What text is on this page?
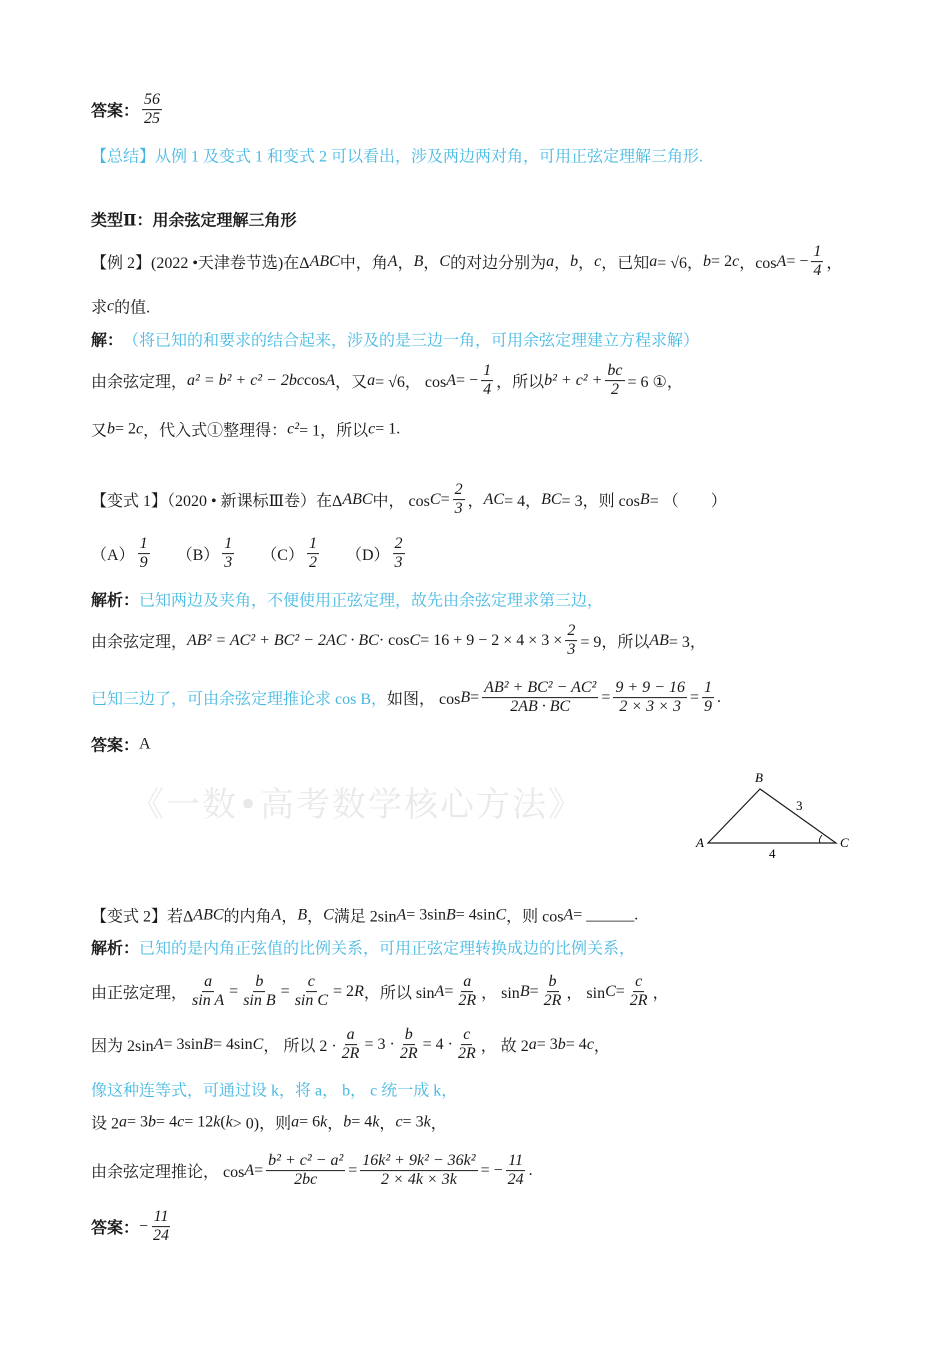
《一数•高考数学核心方法》
答案： $\frac{56}{25}$
【总结】从例 1 及变式 1 和变式 2 可以看出，涉及两边两对角，可用正弦定理解三角形.
类型Ⅱ：用余弦定理解三角形
【例 2】(2022 •天津卷节选)在Δ ABC 中，角 A ， B ， C 的对边分别为 a ， b ， c ，已知 a = √6， b = 2 c ，cos A = − $\frac{1}{4}$ ，
求 c 的值.
解： （将已知的和要求的结合起来，涉及的是三边一角，可用余弦定理建立方程求解）
由余弦定理， a² = b² + c² − 2bc cos A ，又 a = √6， cos A = − $\frac{1}{4}$ ，所以 $b^2 + c^2 + \frac{bc}{2} = 6$ ①，
又 b = 2 c ，代入式①整理得： c² = 1，所以 c = 1.
【变式 1】（2020 • 新课标Ⅲ卷）在Δ ABC 中， $\cos C = \frac{2}{3}$ ， AC = 4， BC = 3，则 cos B = （　　）
$(A) \frac{1}{9}$ 　　$(B) \frac{1}{3}$ 　　$(C) \frac{1}{2}$ 　　$(D) \frac{2}{3}$
解析： 已知两边及夹角，不便使用正弦定理，故先由余弦定理求第三边，
由余弦定理， AB² = AC² + BC² − 2AC · BC · $\cos C = 16 + 9 - 2 \times 4 \times 3 \times \frac{2}{3} = 9$，所以 AB = 3，
已知三边了，可由余弦定理推论求 cos B， 如图， $\cos B = \frac{\text{AB² + BC² − AC²}}{2AB \cdot BC} = \frac{9 + 9 - 16}{2 \times 3 \times 3} = \frac{1}{9}$ .
答案： A
【变式 2】若Δ ABC 的内角 A ， B ， C 满足 2sin A = 3sin B = 4sin C ，则 cos A = ______.
解析： 已知的是内角正弦值的比例关系，可用正弦定理转换成边的比例关系，
由正弦定理， $\frac{a}{\text{sin A}} = \frac{b}{\text{sin B}} = \frac{c}{\text{sin C}} = 2$ R ，所以 $\sin A = \frac{a}{2R}$ ， $\sin B = \frac{b}{2R}$ ， $\sin C = \frac{c}{2R}$ ，
因为 2sin A = 3sin B = 4sin C ， 所以 $2 \cdot \frac{a}{2R} = 3 \cdot \frac{b}{2R} = 4 \cdot \frac{c}{2R}$ ， 故 2 a = 3 b = 4 c ，
像这种连等式，可通过设 k，将 a， b， c 统一成 k，
设 2 a = 3 b = 4 c = 12 k ( k > 0)，则 a = 6 k ， b = 4 k ， c = 3 k ，
由余弦定理推论， $\cos A = \frac{\text{b² + c² − a²}}{2bc} = \frac{\text{16k² + 9k² − 36k²}}{2 \times 4k \times 3k}$ = − $\frac{11}{24}$ .
答案： − $\frac{11}{24}$
A
B
C
3
4
